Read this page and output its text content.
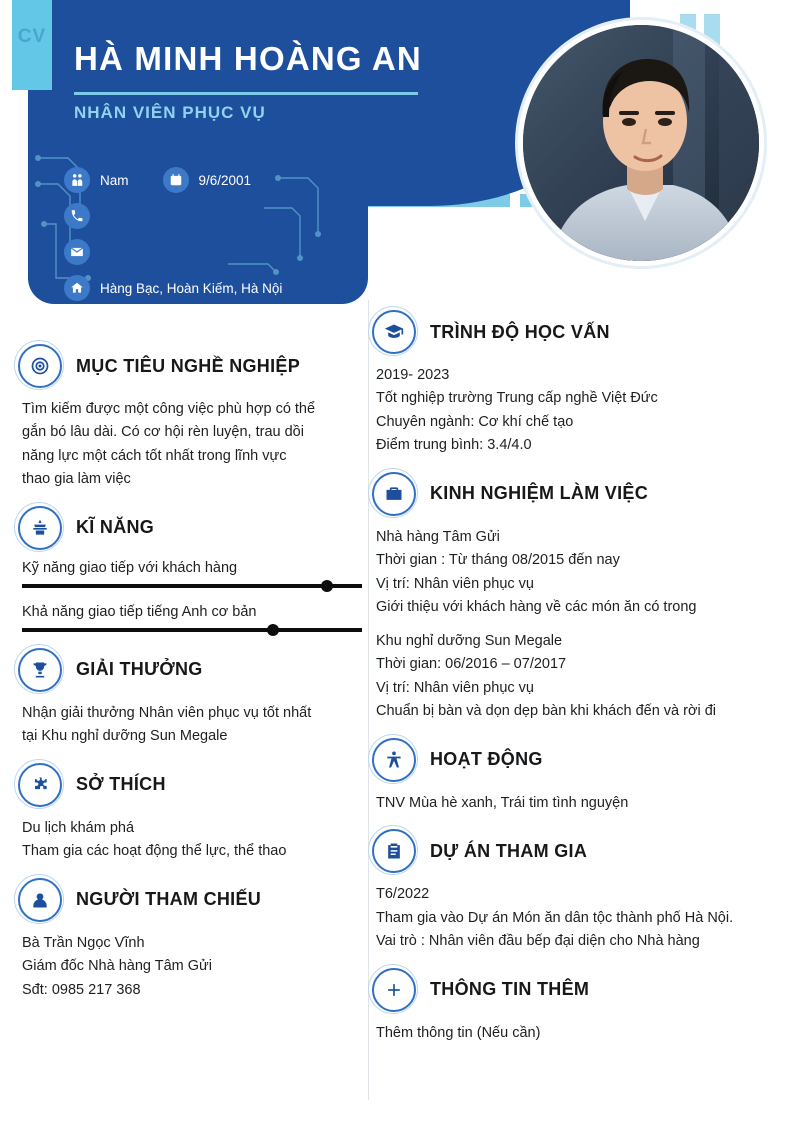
CV
HÀ MINH HOÀNG AN
NHÂN VIÊN PHỤC VỤ
Nam	9/6/2001
Hàng Bạc, Hoàn Kiếm, Hà Nội
MỤC TIÊU NGHỀ NGHIỆP

Tìm kiếm được một công việc phù hợp có thể

gắn bó lâu dài. Có cơ hội rèn luyện, trau dồi

năng lực một cách tốt nhất trong lĩnh vực

thao gia làm việc

KĨ NĂNG
Kỹ năng giao tiếp với khách hàng
Khả năng giao tiếp tiếng Anh cơ bản
GIẢI THƯỞNG

Nhận giải thưởng Nhân viên phục vụ tốt nhất

tại Khu nghỉ dưỡng Sun Megale

SỞ THÍCH

Du lịch khám phá

Tham gia các hoạt động thể lực, thể thao

NGƯỜI THAM CHIẾU

Bà Trần Ngọc Vĩnh

Giám đốc Nhà hàng Tâm Gửi

Sđt: 0985 217 368

TRÌNH ĐỘ HỌC VẤN

2019- 2023

Tốt nghiệp trường Trung cấp nghề Việt Đức

Chuyên ngành: Cơ khí chế tạo

Điểm trung bình: 3.4/4.0

KINH NGHIỆM LÀM VIỆC

Nhà hàng Tâm Gửi

Thời gian : Từ tháng 08/2015 đến nay

Vị trí: Nhân viên phục vụ

Giới thiệu với khách hàng về các món ăn có trong

Khu nghỉ dưỡng Sun Megale

Thời gian: 06/2016 – 07/2017

Vị trí: Nhân viên phục vụ

Chuẩn bị bàn và dọn dẹp bàn khi khách đến và rời đi

HOẠT ĐỘNG

TNV Mùa hè xanh, Trái tim tình nguyện

DỰ ÁN THAM GIA

T6/2022

Tham gia vào Dự án Món ăn dân tộc thành phố Hà Nội.

Vai trò : Nhân viên đầu bếp đại diện cho Nhà hàng

THÔNG TIN THÊM

Thêm thông tin (Nếu cần)
